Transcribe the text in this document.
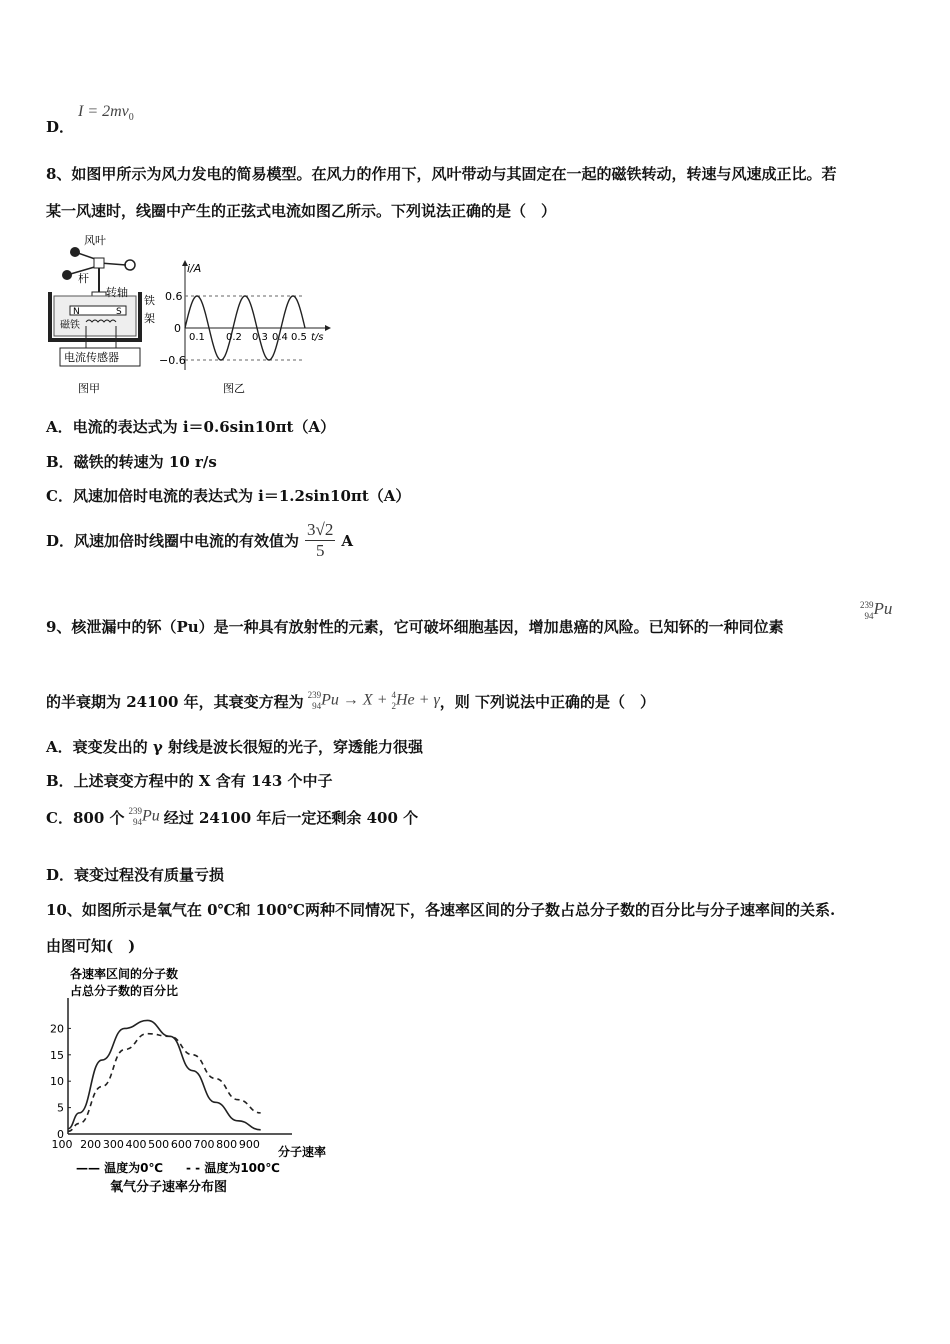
D．
$I = 2mv_0$
8、如图甲所示为风力发电的简易模型。在风力的作用下，风叶带动与其固定在一起的磁铁转动，转速与风速成正比。若
某一风速时，线圈中产生的正弦式电流如图乙所示。下列说法正确的是（　）
风叶
杆
转轴
铁
架
N	S
磁铁
电流传感器
图甲
i/A
t/s
0.6
0
−0.6
0.1 0.2 0.3 0.4 0.5
图乙
A．电流的表达式为 i＝0.6sin10πt（A）
B．磁铁的转速为 10 r/s
C．风速加倍时电流的表达式为 i＝1.2sin10πt（A）
D．风速加倍时线圈中电流的有效值为 $\frac{3√2}{5}$ A
9、核泄漏中的钚（Pu）是一种具有放射性的元素，它可破坏细胞基因，增加患癌的风险。已知钚的一种同位素
239
94 Pu
的半衰期为 24100 年，其衰变方程为 239
94 Pu → X + 4
2 He + γ ，则 下列说法中正确的是（　）
A．衰变发出的 γ 射线是波长很短的光子，穿透能力很强
B．上述衰变方程中的 X 含有 143 个中子
C．800 个 239
94 Pu 经过 24100 年后一定还剩余 400 个
D．衰变过程没有质量亏损
10、如图所示是氧气在 0℃和 100℃两种不同情况下，各速率区间的分子数占总分子数的百分比与分子速率间的关系.
由图可知(　)
各速率区间的分子数
占总分子数的百分比
0
5
10
15
20
100 200 300 400 500 600 700 800 900
分子速率
—— 温度为0℃ - - 温度为100℃
氧气分子速率分布图
